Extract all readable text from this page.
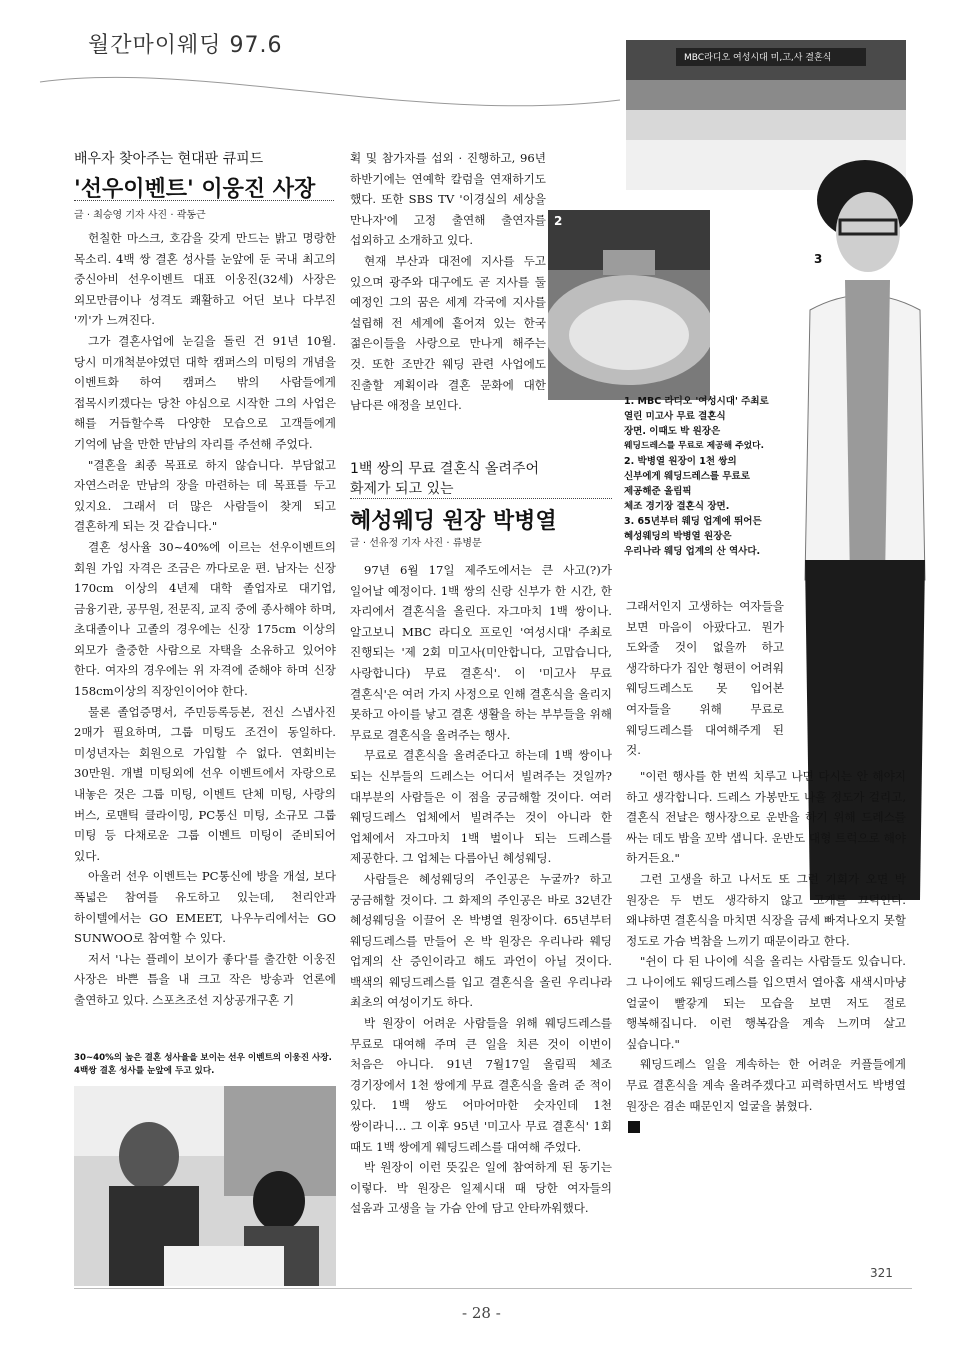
월간마이웨딩 97.6
배우자 찾아주는 현대판 큐피드
'선우이벤트' 이웅진 사장
글 · 최승영 기자 사진 · 곽동근

헌칠한 마스크, 호감을 갖게 만드는 밝고 명랑한 목소리. 4백 쌍 결혼 성사를 눈앞에 둔 국내 최고의 중신아비 선우이벤트 대표 이웅진(32세) 사장은 외모만큼이나 성격도 쾌활하고 어딘 보나 다부진 '끼'가 느껴진다.

그가 결혼사업에 눈길을 돌린 건 91년 10월. 당시 미개척분야였던 대학 캠퍼스의 미팅의 개념을 이벤트화 하여 캠퍼스 밖의 사람들에게 접목시키겠다는 당찬 야심으로 시작한 그의 사업은 해를 거듭할수록 다양한 모습으로 고객들에게 기억에 남을 만한 만남의 자리를 주선해 주었다.

"결혼을 최종 목표로 하지 않습니다. 부담없고 자연스러운 만남의 장을 마련하는 데 목표를 두고 있지요. 그래서 더 많은 사람들이 찾게 되고 결혼하게 되는 것 같습니다."

결혼 성사율 30~40%에 이르는 선우이벤트의 회원 가입 자격은 조금은 까다로운 편. 남자는 신장 170cm 이상의 4년제 대학 졸업자로 대기업, 금융기관, 공무원, 전문직, 교직 중에 종사해야 하며, 초대졸이나 고졸의 경우에는 신장 175cm 이상의 외모가 출중한 사람으로 자택을 소유하고 있어야 한다. 여자의 경우에는 위 자격에 준해야 하며 신장 158cm이상의 직장인이어야 한다.

물론 졸업증명서, 주민등록등본, 전신 스냅사진 2매가 필요하며, 그룹 미팅도 조건이 동일하다. 미성년자는 회원으로 가입할 수 없다. 연회비는 30만원. 개별 미팅외에 선우 이벤트에서 자랑으로 내놓은 것은 그룹 미팅, 이벤트 단체 미팅, 사랑의 버스, 로맨틱 클라이밍, PC통신 미팅, 소규모 그룹 미팅 등 다채로운 그룹 이벤트 미팅이 준비되어 있다.

아울러 선우 이벤트는 PC통신에 방을 개설, 보다 폭넓은 참여를 유도하고 있는데, 천리안과 하이텔에서는 GO EMEET, 나우누리에서는 GO SUNWOO로 참여할 수 있다.

저서 '나는 플레이 보이가 좋다'를 출간한 이웅진 사장은 바쁜 틈을 내 크고 작은 방송과 언론에 출연하고 있다. 스포츠조선 지상공개구혼 기

30~40%의 높은 결혼 성사율을 보이는 선우 이벤트의 이웅진 사장. 4백쌍 결혼 성사를 눈앞에 두고 있다.

획 및 참가자를 섭외 · 진행하고, 96년 하반기에는 연예학 칼럼을 연재하기도 했다. 또한 SBS TV '이경실의 세상을 만나자'에 고정 출연해 출연자를 섭외하고 소개하고 있다.

현재 부산과 대전에 지사를 두고 있으며 광주와 대구에도 곧 지사를 둘 예정인 그의 꿈은 세계 각국에 지사를 설립해 전 세계에 흩어져 있는 한국 젊은이들을 사랑으로 만나게 해주는 것. 또한 조만간 웨딩 관련 사업에도 진출할 계획이라 결혼 문화에 대한 남다른 애정을 보인다.

2
1백 쌍의 무료 결혼식 올려주어
화제가 되고 있는
혜성웨딩 원장 박병열
글 · 선유정 기자 사진 · 류병문

97년 6월 17일 제주도에서는 큰 사고(?)가 일어날 예정이다. 1백 쌍의 신랑 신부가 한 시간, 한 자리에서 결혼식을 올린다. 자그마치 1백 쌍이나. 알고보니 MBC 라디오 프로인 '여성시대' 주최로 진행되는 '제 2회 미고사(미안합니다, 고맙습니다, 사랑합니다) 무료 결혼식'. 이 '미고사 무료 결혼식'은 여러 가지 사정으로 인해 결혼식을 올리지 못하고 아이를 낳고 결혼 생활을 하는 부부들을 위해 무료로 결혼식을 올려주는 행사.

무료로 결혼식을 올려준다고 하는데 1백 쌍이나 되는 신부들의 드레스는 어디서 빌려주는 것일까? 대부분의 사람들은 이 점을 궁금해할 것이다. 여러 웨딩드레스 업체에서 빌려주는 것이 아니라 한 업체에서 자그마치 1백 벌이나 되는 드레스를 제공한다. 그 업체는 다름아닌 혜성웨딩.

사람들은 혜성웨딩의 주인공은 누굴까? 하고 궁금해할 것이다. 그 화제의 주인공은 바로 32년간 혜성웨딩을 이끌어 온 박병열 원장이다. 65년부터 웨딩드레스를 만들어 온 박 원장은 우리나라 웨딩 업계의 산 증인이라고 해도 과언이 아닐 것이다. 백색의 웨딩드레스를 입고 결혼식을 올린 우리나라 최초의 여성이기도 하다.

박 원장이 어려운 사람들을 위해 웨딩드레스를 무료로 대여해 주며 큰 일을 치른 것이 이번이 처음은 아니다. 91년 7월17일 올림픽 체조 경기장에서 1천 쌍에게 무료 결혼식을 올려 준 적이 있다. 1백 쌍도 어마어마한 숫자인데 1천 쌍이라니… 그 이후 95년 '미고사 무료 결혼식' 1회 때도 1백 쌍에게 웨딩드레스를 대여해 주었다.

박 원장이 이런 뜻깊은 일에 참여하게 된 동기는 이렇다. 박 원장은 일제시대 때 당한 여자들의 설움과 고생을 늘 가슴 안에 담고 안타까워했다.

MBC라디오 여성시대 미,고,사 결혼식
3
1. MBC 라디오 '여성시대' 주최로
열린 미고사 무료 결혼식
장면. 이때도 박 원장은
웨딩드레스를 무료로 제공해 주었다.
2. 박병열 원장이 1천 쌍의
신부에게 웨딩드레스를 무료로
제공해준 올림픽
체조 경기장 결혼식 장면.
3. 65년부터 웨딩 업계에 뛰어든
혜성웨딩의 박병열 원장은
우리나라 웨딩 업계의 산 역사다.

그래서인지 고생하는 여자들을 보면 마음이 아팠다고. 뭔가 도와줄 것이 없을까 하고 생각하다가 집안 형편이 어려워 웨딩드레스도 못 입어본 여자들을 위해 무료로 웨딩드레스를 대여해주게 된 것.

"이런 행사를 한 번씩 치루고 나면 다시는 안 해야지 하고 생각합니다. 드레스 가봉만도 나흘 정도가 걸리고, 결혼식 전날은 행사장으로 운반을 하기 위해 드레스를 싸는 데도 밤을 꼬박 샙니다. 운반도 대형 트럭으로 해야 하거든요."

그런 고생을 하고 나서도 또 그런 기회가 오면 박 원장은 두 번도 생각하지 않고 고개를 끄덕인다. 왜냐하면 결혼식을 마치면 식장을 금세 빠져나오지 못할 정도로 가슴 벅참을 느끼기 때문이라고 한다.

"쉰이 다 된 나이에 식을 올리는 사람들도 있습니다. 그 나이에도 웨딩드레스를 입으면서 열아홉 새색시마냥 얼굴이 빨갛게 되는 모습을 보면 저도 절로 행복해집니다. 이런 행복감을 계속 느끼며 살고 싶습니다."

웨딩드레스 일을 계속하는 한 어려운 커플들에게 무료 결혼식을 계속 올려주겠다고 피력하면서도 박병열 원장은 겸손 때문인지 얼굴을 붉혔다.

321
- 28 -
